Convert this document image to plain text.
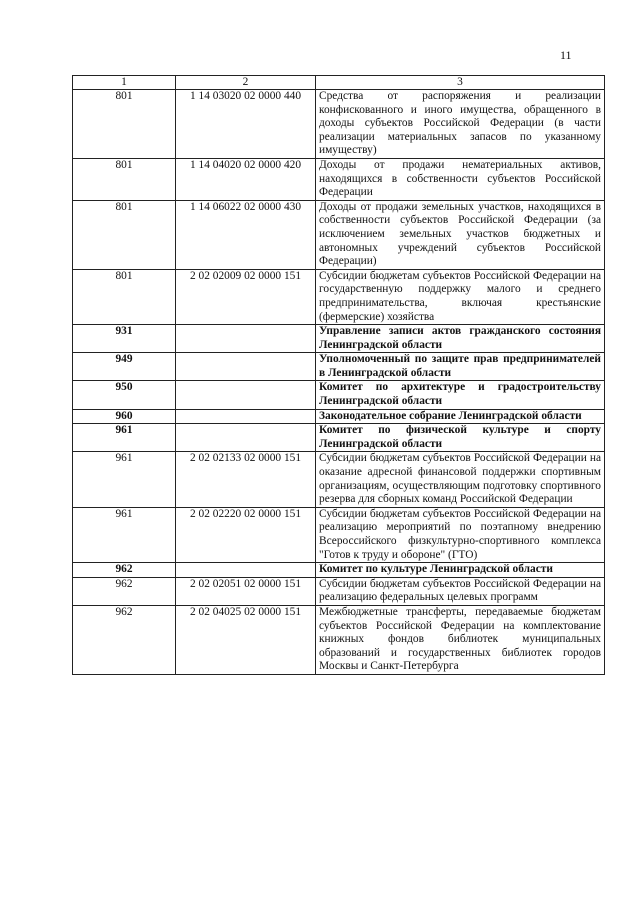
11
1	2	3
801	1 14 03020 02 0000 440	Средства от распоряжения и реализации конфискованного и иного имущества, обращенного в доходы субъектов Российской Федерации (в части реализации материальных запасов по указанному имуществу)
801	1 14 04020 02 0000 420	Доходы от продажи нематериальных активов, находящихся в собственности субъектов Российской Федерации
801	1 14 06022 02 0000 430	Доходы от продажи земельных участков, находящихся в собственности субъектов Российской Федерации (за исключением земельных участков бюджетных и автономных учреждений субъектов Российской Федерации)
801	2 02 02009 02 0000 151	Субсидии бюджетам субъектов Российской Федерации на государственную поддержку малого и среднего предпринимательства, включая крестьянские (фермерские) хозяйства
931		Управление записи актов гражданского состояния Ленинградской области
949		Уполномоченный по защите прав предпринимателей в Ленинградской области
950		Комитет по архитектуре и градостроительству Ленинградской области
960		Законодательное собрание Ленинградской области
961		Комитет по физической культуре и спорту Ленинградской области
961	2 02 02133 02 0000 151	Субсидии бюджетам субъектов Российской Федерации на оказание адресной финансовой поддержки спортивным организациям, осуществляющим подготовку спортивного резерва для сборных команд Российской Федерации
961	2 02 02220 02 0000 151	Субсидии бюджетам субъектов Российской Федерации на реализацию мероприятий по поэтапному внедрению Всероссийского физкультурно-спортивного комплекса "Готов к труду и обороне" (ГТО)
962		Комитет по культуре Ленинградской области
962	2 02 02051 02 0000 151	Субсидии бюджетам субъектов Российской Федерации на реализацию федеральных целевых программ
962	2 02 04025 02 0000 151	Межбюджетные трансферты, передаваемые бюджетам субъектов Российской Федерации на комплектование книжных фондов библиотек муниципальных образований и государственных библиотек городов Москвы и Санкт-Петербурга
